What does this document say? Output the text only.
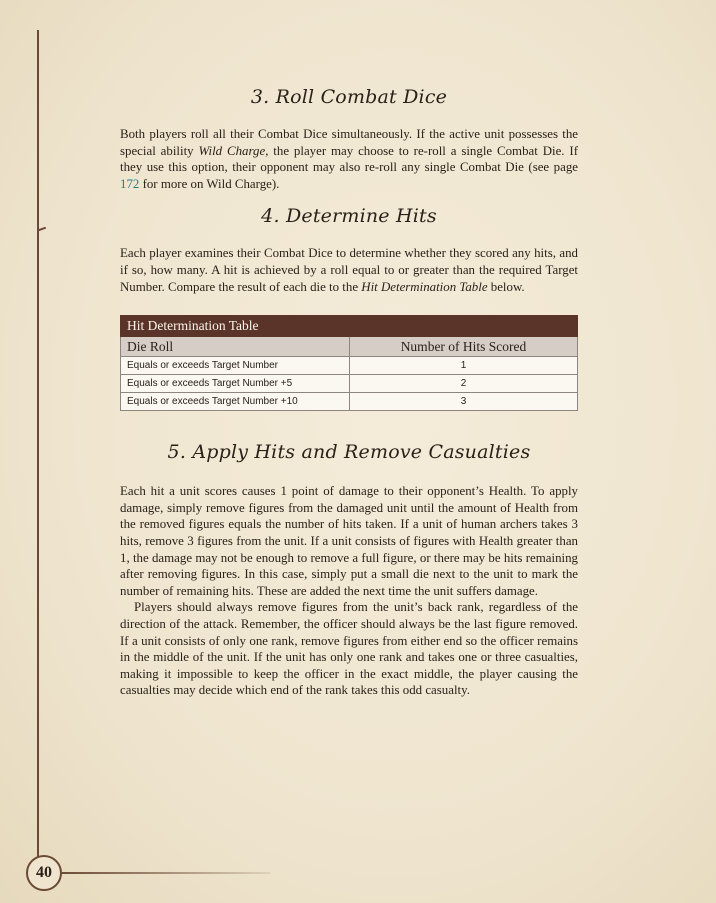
40
3. Roll Combat Dice

Both players roll all their Combat Dice simultaneously. If the active unit possesses the special ability Wild Charge, the player may choose to re-roll a single Combat Die. If they use this option, their opponent may also re-roll any single Combat Die (see page 172 for more on Wild Charge).

4. Determine Hits

Each player examines their Combat Dice to determine whether they scored any hits, and if so, how many. A hit is achieved by a roll equal to or greater than the required Target Number. Compare the result of each die to the Hit Determination Table below.

Hit Determination Table	
Die Roll	Number of Hits Scored
Equals or exceeds Target Number	1
Equals or exceeds Target Number +5	2
Equals or exceeds Target Number +10	3
5. Apply Hits and Remove Casualties

Each hit a unit scores causes 1 point of damage to their opponent’s Health. To apply damage, simply remove figures from the damaged unit until the amount of Health from the removed figures equals the number of hits taken. If a unit of human archers takes 3 hits, remove 3 figures from the unit. If a unit consists of figures with Health greater than 1, the damage may not be enough to remove a full figure, or there may be hits remaining after removing figures. In this case, simply put a small die next to the unit to mark the number of remaining hits. These are added the next time the unit suffers damage.

Players should always remove figures from the unit’s back rank, regardless of the direction of the attack. Remember, the officer should always be the last figure removed. If a unit consists of only one rank, remove figures from either end so the officer remains in the middle of the unit. If the unit has only one rank and takes one or three casualties, making it impossible to keep the officer in the exact middle, the player causing the casualties may decide which end of the rank takes this odd casualty.
